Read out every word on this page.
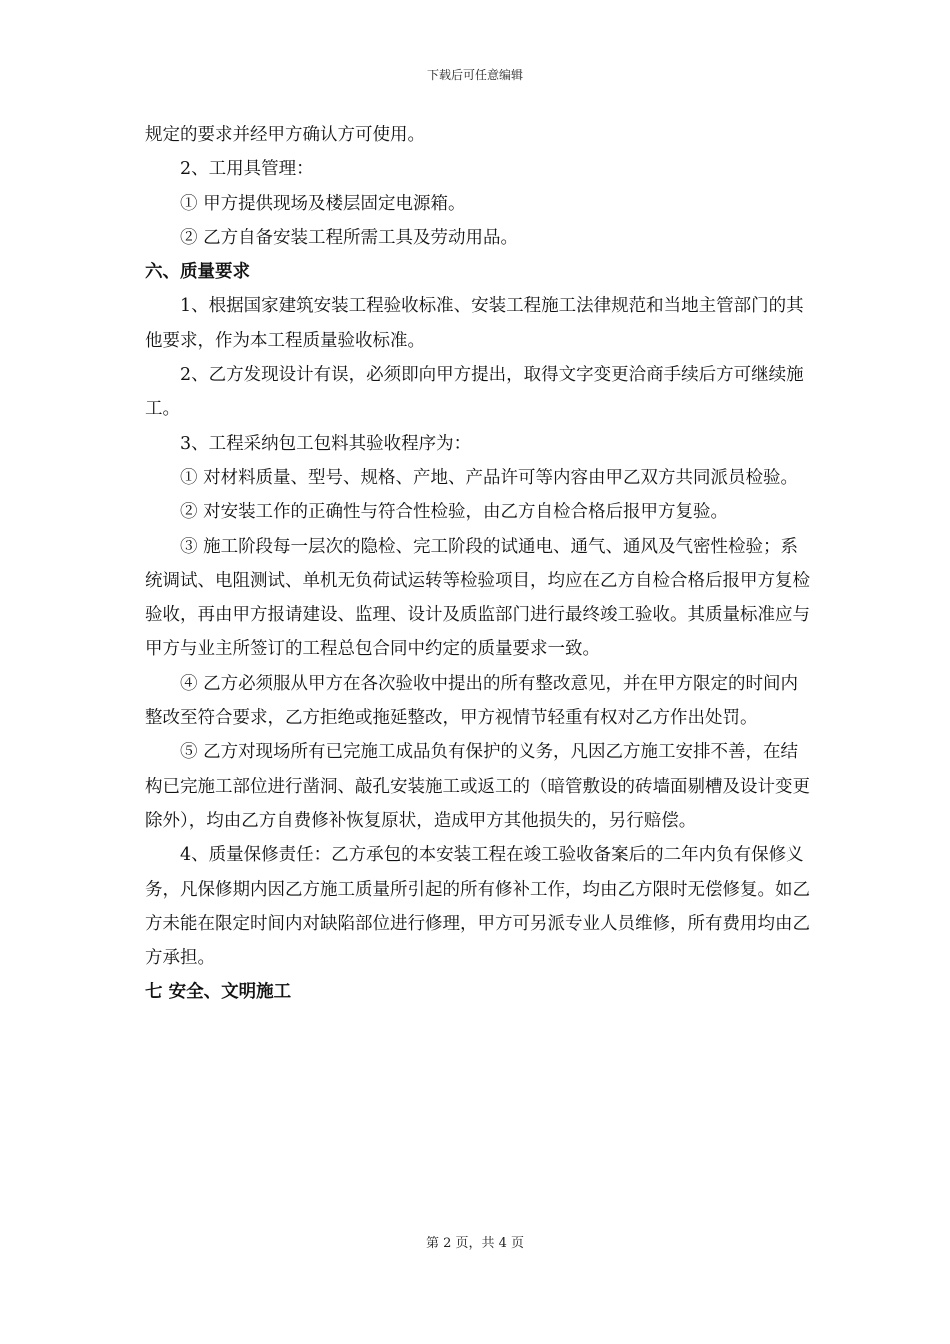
下载后可任意编辑

规定的要求并经甲方确认方可使用。

2、工用具管理：

① 甲方提供现场及楼层固定电源箱。

② 乙方自备安装工程所需工具及劳动用品。

六、质量要求

1、根据国家建筑安装工程验收标准、安装工程施工法律规范和当地主管部门的其他要求，作为本工程质量验收标准。

2、乙方发现设计有误，必须即向甲方提出，取得文字变更洽商手续后方可继续施工。

3、工程采纳包工包料其验收程序为：

① 对材料质量、型号、规格、产地、产品许可等内容由甲乙双方共同派员检验。

② 对安装工作的正确性与符合性检验，由乙方自检合格后报甲方复验。

③ 施工阶段每一层次的隐检、完工阶段的试通电、通气、通风及气密性检验；系统调试、电阻测试、单机无负荷试运转等检验项目，均应在乙方自检合格后报甲方复检验收，再由甲方报请建设、监理、设计及质监部门进行最终竣工验收。其质量标准应与甲方与业主所签订的工程总包合同中约定的质量要求一致。

④ 乙方必须服从甲方在各次验收中提出的所有整改意见，并在甲方限定的时间内整改至符合要求，乙方拒绝或拖延整改，甲方视情节轻重有权对乙方作出处罚。

⑤ 乙方对现场所有已完施工成品负有保护的义务，凡因乙方施工安排不善，在结构已完施工部位进行凿洞、敲孔安装施工或返工的（暗管敷设的砖墙面剔槽及设计变更除外），均由乙方自费修补恢复原状，造成甲方其他损失的，另行赔偿。

4、质量保修责任：乙方承包的本安装工程在竣工验收备案后的二年内负有保修义务，凡保修期内因乙方施工质量所引起的所有修补工作，均由乙方限时无偿修复。如乙方未能在限定时间内对缺陷部位进行修理，甲方可另派专业人员维修，所有费用均由乙方承担。

七 安全、文明施工

第 2 页，共 4 页
